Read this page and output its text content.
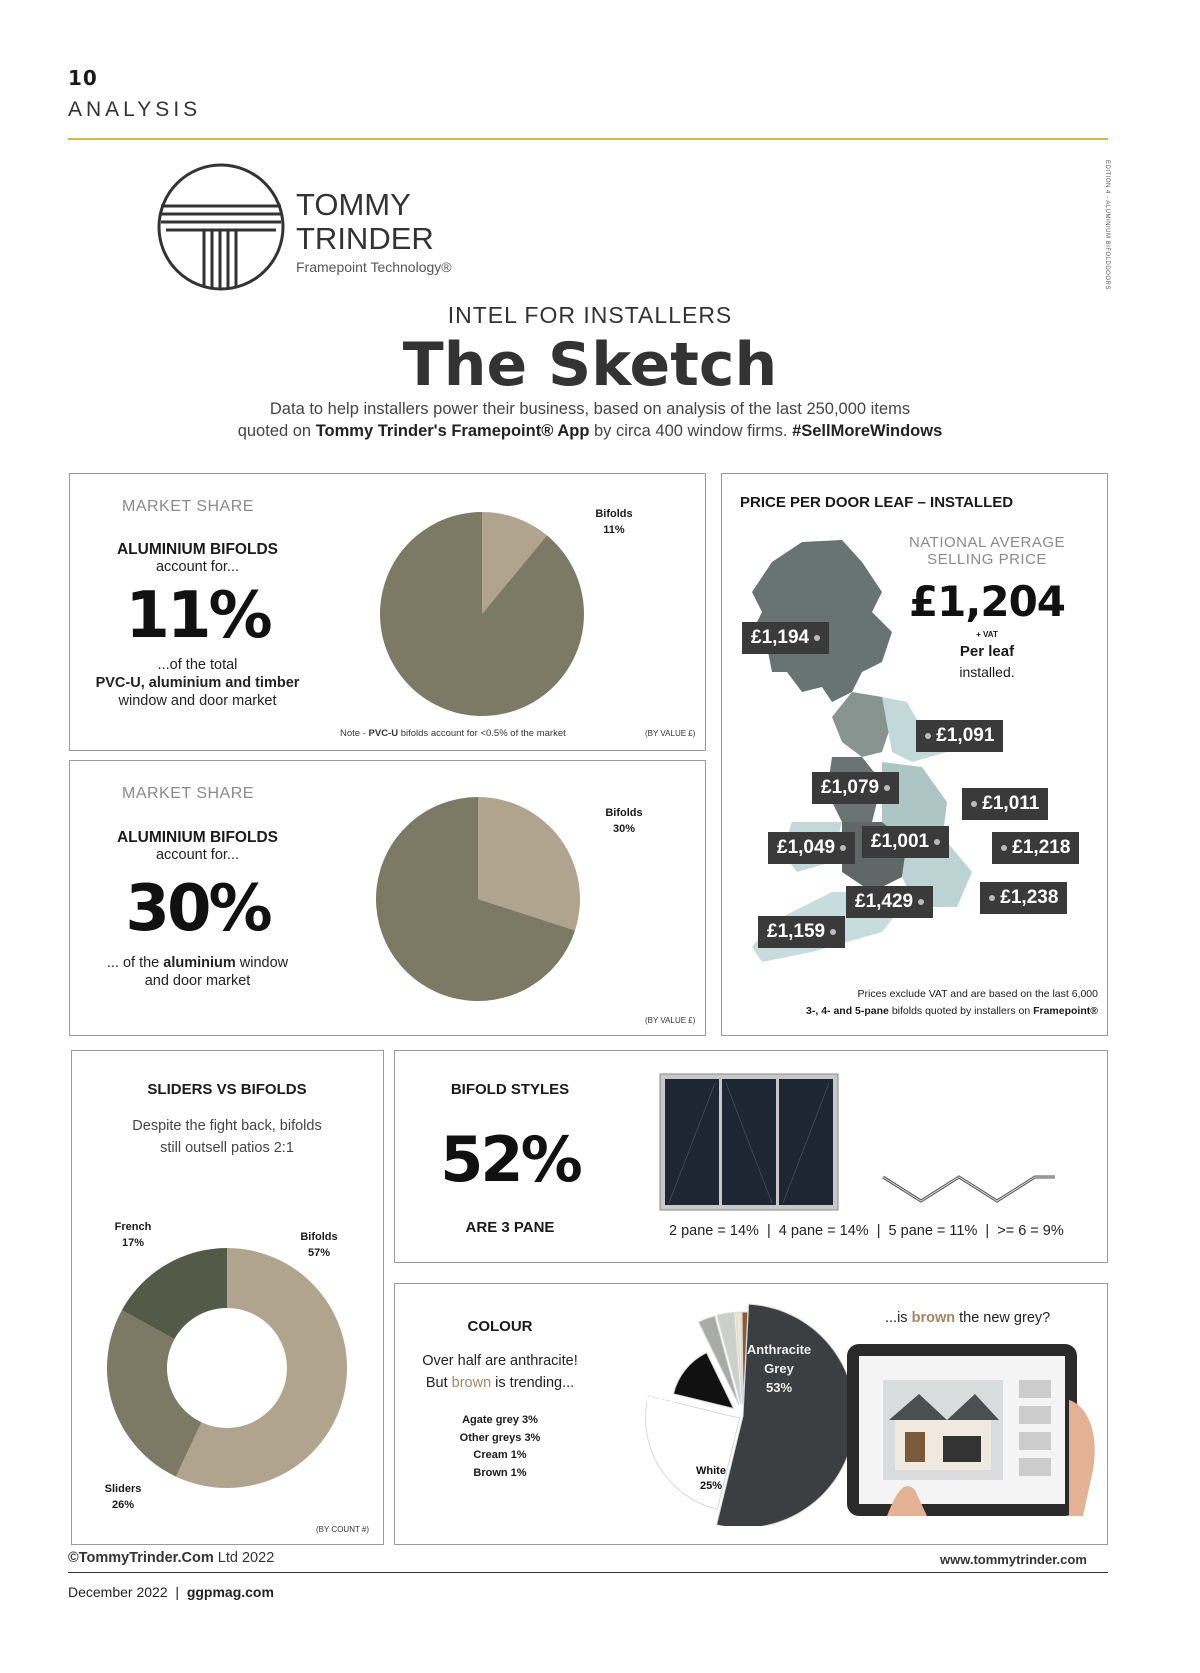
10
ANALYSIS
EDITION 4 - ALUMINIUM BIFOLDDOORS
TOMMY
TRINDER
Framepoint Technology®
INTEL FOR INSTALLERS
The Sketch
Data to help installers power their business, based on analysis of the last 250,000 items
quoted on Tommy Trinder's Framepoint® App by circa 400 window firms. #SellMoreWindows
MARKET SHARE
ALUMINIUM BIFOLDS
account for...
11%
...of the total
PVC-U, aluminium and timber
window and door market
Bifolds
11%
Note - PVC-U bifolds account for <0.5% of the market	(BY VALUE £)
MARKET SHARE
ALUMINIUM BIFOLDS
account for...
30%
... of the aluminium window
and door market
Bifolds
30%
(BY VALUE £)
PRICE PER DOOR LEAF – INSTALLED
NATIONAL AVERAGE
SELLING PRICE
£1,204
+ VAT
Per leaf
installed.
£1,194
£1,091
£1,079
£1,011
£1,049	£1,001	£1,218
£1,429	£1,238
£1,159
Prices exclude VAT and are based on the last 6,000
3-, 4- and 5-pane bifolds quoted by installers on Framepoint®
SLIDERS VS BIFOLDS
Despite the fight back, bifolds
still outsell patios 2:1
French
17%	Bifolds
57%
Sliders
26%
(BY COUNT #)
BIFOLD STYLES
52%
ARE 3 PANE	2 pane = 14%  |  4 pane = 14%  |  5 pane = 11%  |  >= 6 = 9%
COLOUR
Over half are anthracite!
But brown is trending...
Agate grey 3%
Other greys 3%
Cream 1%
Brown 1%
Anthracite
Grey
53%
Black
14%
White
25%
...is brown the new grey?
©TommyTrinder.Com Ltd 2022	www.tommytrinder.com
December 2022  |  ggpmag.com
